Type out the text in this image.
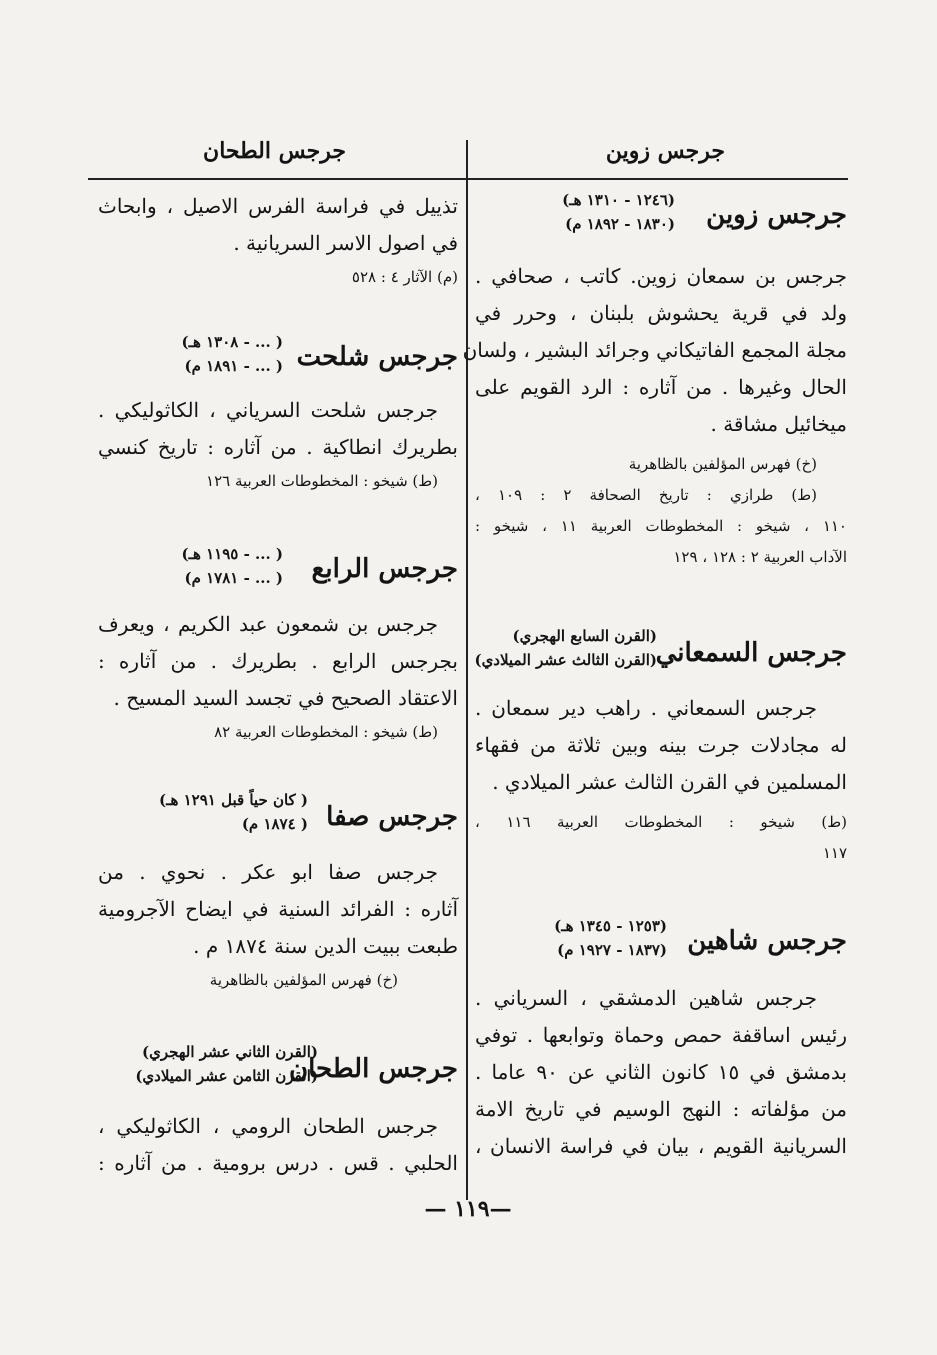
جرجس زوين
جرجس زوين
(١٢٤٦ - ١٣١٠ هـ)
(١٨٣٠ - ١٨٩٢ م)
جرجس بن سمعان زوين. كاتب ، صحافي .
ولد في قرية يحشوش بلبنان ، وحرر في
مجلة المجمع الفاتيكاني وجرائد البشير ، ولسان
الحال وغيرها . من آثاره : الرد القويم على
ميخائيل مشاقة .
(خ) فهرس المؤلفين بالظاهرية
(ط) طرازي : تاريخ الصحافة ٢ : ١٠٩ ،
١١٠ ، شيخو : المخطوطات العربية ١١ ، شيخو :
الآداب العربية ٢ : ١٢٨ ، ١٢٩
جرجس السمعاني
(القرن السابع الهجري)
(القرن الثالث عشر الميلادي)
جرجس السمعاني . راهب دير سمعان .
له مجادلات جرت بينه وبين ثلاثة من فقهاء
المسلمين في القرن الثالث عشر الميلادي .
(ط) شيخو : المخطوطات العربية ١١٦ ،
١١٧
جرجس شاهين
(١٢٥٣ - ١٣٤٥ هـ)
(١٨٣٧ - ١٩٢٧ م)
جرجس شاهين الدمشقي ، السرياني .
رئيس اساقفة حمص وحماة وتوابعها . توفي
بدمشق في ١٥ كانون الثاني عن ٩٠ عاما .
من مؤلفاته : النهج الوسيم في تاريخ الامة
السريانية القويم ، بيان في فراسة الانسان ،
جرجس الطحان
تذييل في فراسة الفرس الاصيل ، وابحاث
في اصول الاسر السريانية .
(م) الآثار ٤ : ٥٢٨
جرجس شلحت
( ... - ١٣٠٨ هـ)
( ... - ١٨٩١ م)
جرجس شلحت السرياني ، الكاثوليكي .
بطريرك انطاكية . من آثاره : تاريخ كنسي
(ط) شيخو : المخطوطات العربية ١٢٦
جرجس الرابع
( ... - ١١٩٥ هـ)
( ... - ١٧٨١ م)
جرجس بن شمعون عبد الكريم ، ويعرف
بجرجس الرابع . بطريرك . من آثاره :
الاعتقاد الصحيح في تجسد السيد المسيح .
(ط) شيخو : المخطوطات العربية ٨٢
جرجس صفا
( كان حياً قبل ١٢٩١ هـ)
( ١٨٧٤ م)
جرجس صفا ابو عكر . نحوي . من
آثاره : الفرائد السنية في ايضاح الآجرومية
طبعت ببيت الدين سنة ١٨٧٤ م .
(خ) فهرس المؤلفين بالظاهرية
جرجس الطحان
(القرن الثاني عشر الهجري)
(القرن الثامن عشر الميلادي)
جرجس الطحان الرومي ، الكاثوليكي ،
الحلبي . قس . درس برومية . من آثاره :
—١١٩ —
